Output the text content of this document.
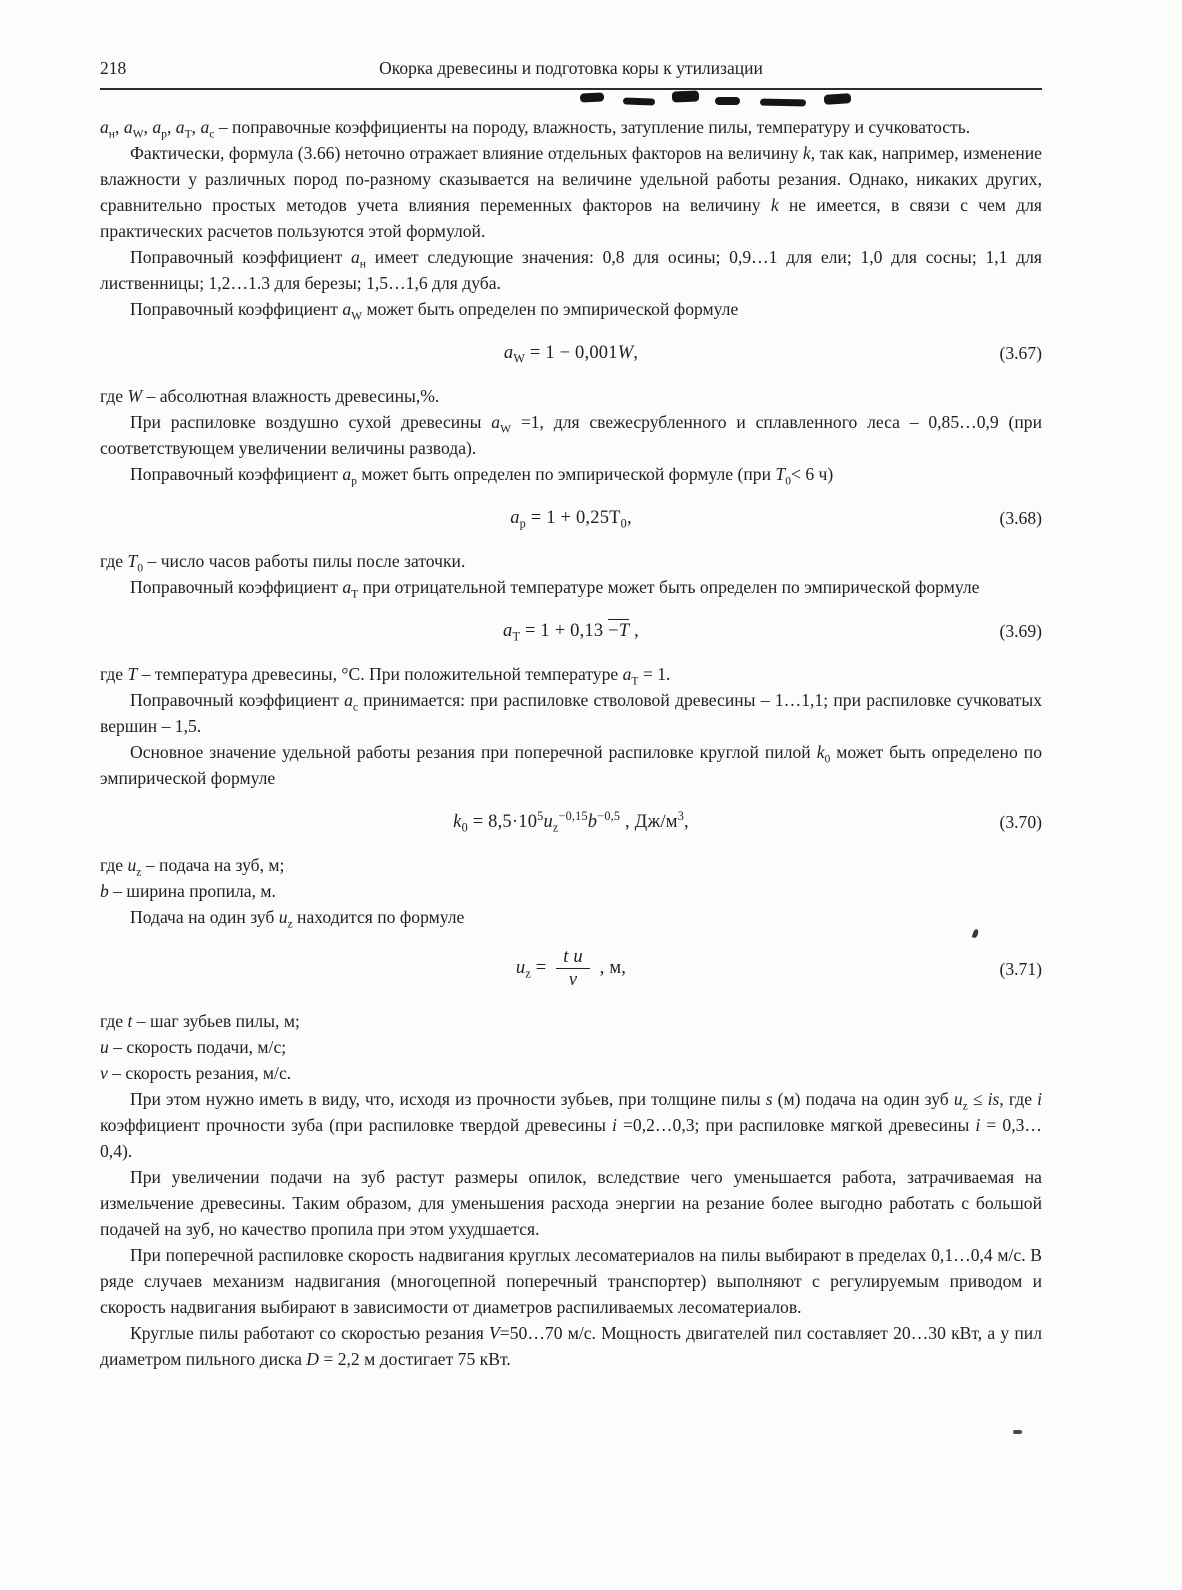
218	Окорка древесины и подготовка коры к утилизации

$а_н$, $а_W$, $а_р$, $а_Т$, $а_с$ – поправочные коэффициенты на породу, влажность, затупление пилы, температуру и сучковатость.

Фактически, формула (3.66) неточно отражает влияние отдельных факторов на величину k, так как, например, изменение влажности у различных пород по-разному сказывается на величине удельной работы резания. Однако, никаких других, сравнительно простых методов учета влияния переменных факторов на величину k не имеется, в связи с чем для практических расчетов пользуются этой формулой.

Поправочный коэффициент $а_н$ имеет следующие значения: 0,8 для осины; 0,9…1 для ели; 1,0 для сосны; 1,1 для лиственницы; 1,2…1.3 для березы; 1,5…1,6 для дуба.

Поправочный коэффициент $а_W$ может быть определен по эмпирической формуле

$а_W = 1 - 0,001W$,	(3.67)

где W – абсолютная влажность древесины,%.

При распиловке воздушно сухой древесины $а_W =1$, для свежесрубленного и сплавленного леса – 0,85…0,9 (при соответствующем увеличении величины развода).

Поправочный коэффициент $а_р$ может быть определен по эмпирической формуле (при $Т_0< 6$ ч)

$а_р = 1 + 0,25Т_0$,	(3.68)

где $Т_0$ – число часов работы пилы после заточки.

Поправочный коэффициент $а_Т$ при отрицательной температуре может быть определен по эмпирической формуле

$а_Т = 1 + 0,13 -Т$ ,	(3.69)

где Т – температура древесины, °С. При положительной температуре $а_Т = 1$.

Поправочный коэффициент $а_с$ принимается: при распиловке стволовой древесины – 1…1,1; при распиловке сучковатых вершин – 1,5.

Основное значение удельной работы резания при поперечной распиловке круглой пилой $k_0$ может быть определено по эмпирической формуле

$k_0 = 8,5\cdot 10^5u_z^{-0,15}b^{-0,5}$ , $Дж/м^3$,	(3.70)

где $u_z$ – подача на зуб, м;

b – ширина пропила, м.

Подача на один зуб $u_z$ находится по формуле

$u_z = \frac{\text{t u}}{v}$ , м,	(3.71)

где t – шаг зубьев пилы, м;

u – скорость подачи, м/с;

v – скорость резания, м/с.

При этом нужно иметь в виду, что, исходя из прочности зубьев, при толщине пилы s (м) подача на один зуб $u_z$ ≤ is, где i коэффициент прочности зуба (при распиловке твердой древесины i =0,2…0,3; при распиловке мягкой древесины i = 0,3…0,4).

При увеличении подачи на зуб растут размеры опилок, вследствие чего уменьшается работа, затрачиваемая на измельчение древесины. Таким образом, для уменьшения расхода энергии на резание более выгодно работать с большой подачей на зуб, но качество пропила при этом ухудшается.

При поперечной распиловке скорость надвигания круглых лесоматериалов на пилы выбирают в пределах 0,1…0,4 м/с. В ряде случаев механизм надвигания (многоцепной поперечный транспортер) выполняют с регулируемым приводом и скорость надвигания выбирают в зависимости от диаметров распиливаемых лесоматериалов.

Круглые пилы работают со скоростью резания V=50…70 м/с. Мощность двигателей пил составляет 20…30 кВт, а у пил диаметром пильного диска D = 2,2 м достигает 75 кВт.
